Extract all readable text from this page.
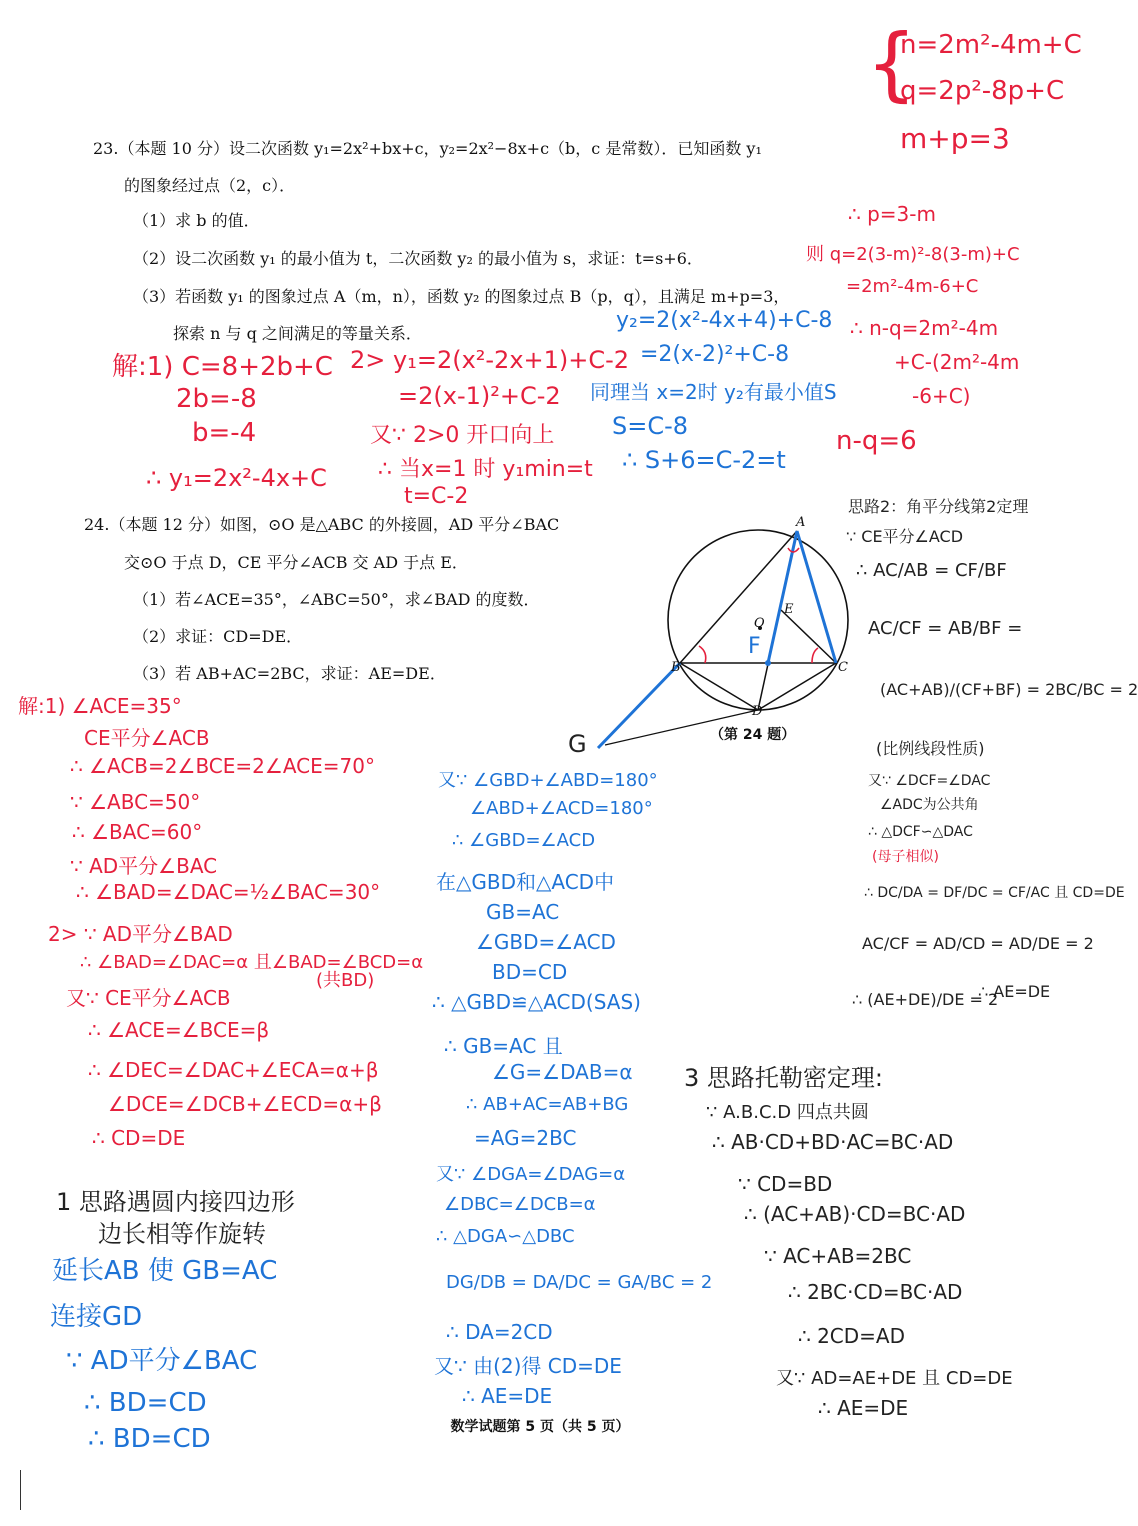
23.（本题 10 分）设二次函数 y₁=2x²+bx+c，y₂=2x²−8x+c（b，c 是常数）．已知函数 y₁
的图象经过点（2，c）．
（1）求 b 的值．
（2）设二次函数 y₁ 的最小值为 t，二次函数 y₂ 的最小值为 s，求证：t=s+6．
（3）若函数 y₁ 的图象过点 A（m，n），函数 y₂ 的图象过点 B（p，q），且满足 m+p=3，
探索 n 与 q 之间满足的等量关系．
24.（本题 12 分）如图，⊙O 是△ABC 的外接圆，AD 平分∠BAC
交⊙O 于点 D，CE 平分∠ACB 交 AD 于点 E．
（1）若∠ACE=35°，∠ABC=50°，求∠BAD 的度数．
（2）求证：CD=DE．
（3）若 AB+AC=2BC，求证：AE=DE．
A
B	C
D
E
O
F
G	（第 24 题）
{
n=2m²-4m+C
q=2p²-8p+C
m+p=3
∴ p=3-m
则 q=2(3-m)²-8(3-m)+C
=2m²-4m-6+C
∴ n-q=2m²-4m
+C-(2m²-4m
-6+C)
n-q=6
解:1) C=8+2b+C
2b=-8
b=-4
∴ y₁=2x²-4x+C
2> y₁=2(x²-2x+1)+C-2
=2(x-1)²+C-2
又∵ 2>0 开口向上
∴ 当x=1 时 y₁min=t
t=C-2
y₂=2(x²-4x+4)+C-8
=2(x-2)²+C-8
同理当 x=2时 y₂有最小值S
S=C-8
∴ S+6=C-2=t
解:1) ∠ACE=35°
CE平分∠ACB
∴ ∠ACB=2∠BCE=2∠ACE=70°
∵ ∠ABC=50°
∴ ∠BAC=60°
∵ AD平分∠BAC
∴ ∠BAD=∠DAC=½∠BAC=30°
2> ∵ AD平分∠BAD
∴ ∠BAD=∠DAC=α 且∠BAD=∠BCD=α
(共BD)
又∵ CE平分∠ACB
∴ ∠ACE=∠BCE=β
∴ ∠DEC=∠DAC+∠ECA=α+β
∠DCE=∠DCB+∠ECD=α+β
∴ CD=DE
1 思路遇圆内接四边形
边长相等作旋转
延长AB 使 GB=AC
连接GD
∵ AD平分∠BAC
∴ BD=CD
∴ BD=CD
又∵ ∠GBD+∠ABD=180°
∠ABD+∠ACD=180°
∴ ∠GBD=∠ACD
在△GBD和△ACD中
GB=AC
∠GBD=∠ACD
BD=CD
∴ △GBD≌△ACD(SAS)
∴ GB=AC 且
∠G=∠DAB=α
∴ AB+AC=AB+BG
=AG=2BC
又∵ ∠DGA=∠DAG=α
∠DBC=∠DCB=α
∴ △DGA∽△DBC
DG/DB = DA/DC = GA/BC = 2
∴ DA=2CD
又∵ 由(2)得 CD=DE
∴ AE=DE
思路2：角平分线第2定理
∵ CE平分∠ACD
∴ AC/AB = CF/BF
AC/CF = AB/BF =
(AC+AB)/(CF+BF) = 2BC/BC = 2
(比例线段性质)
又∵ ∠DCF=∠DAC
∠ADC为公共角
∴ △DCF∽△DAC
(母子相似)
∴ DC/DA = DF/DC = CF/AC 且 CD=DE
AC/CF = AD/CD = AD/DE = 2
∴ (AE+DE)/DE = 2
∴ AE=DE
3 思路托勒密定理:
∵ A.B.C.D 四点共圆
∴ AB·CD+BD·AC=BC·AD
∵ CD=BD
∴ (AC+AB)·CD=BC·AD
∵ AC+AB=2BC
∴ 2BC·CD=BC·AD
∴ 2CD=AD
又∵ AD=AE+DE 且 CD=DE
∴ AE=DE
数学试题第 5 页（共 5 页）
